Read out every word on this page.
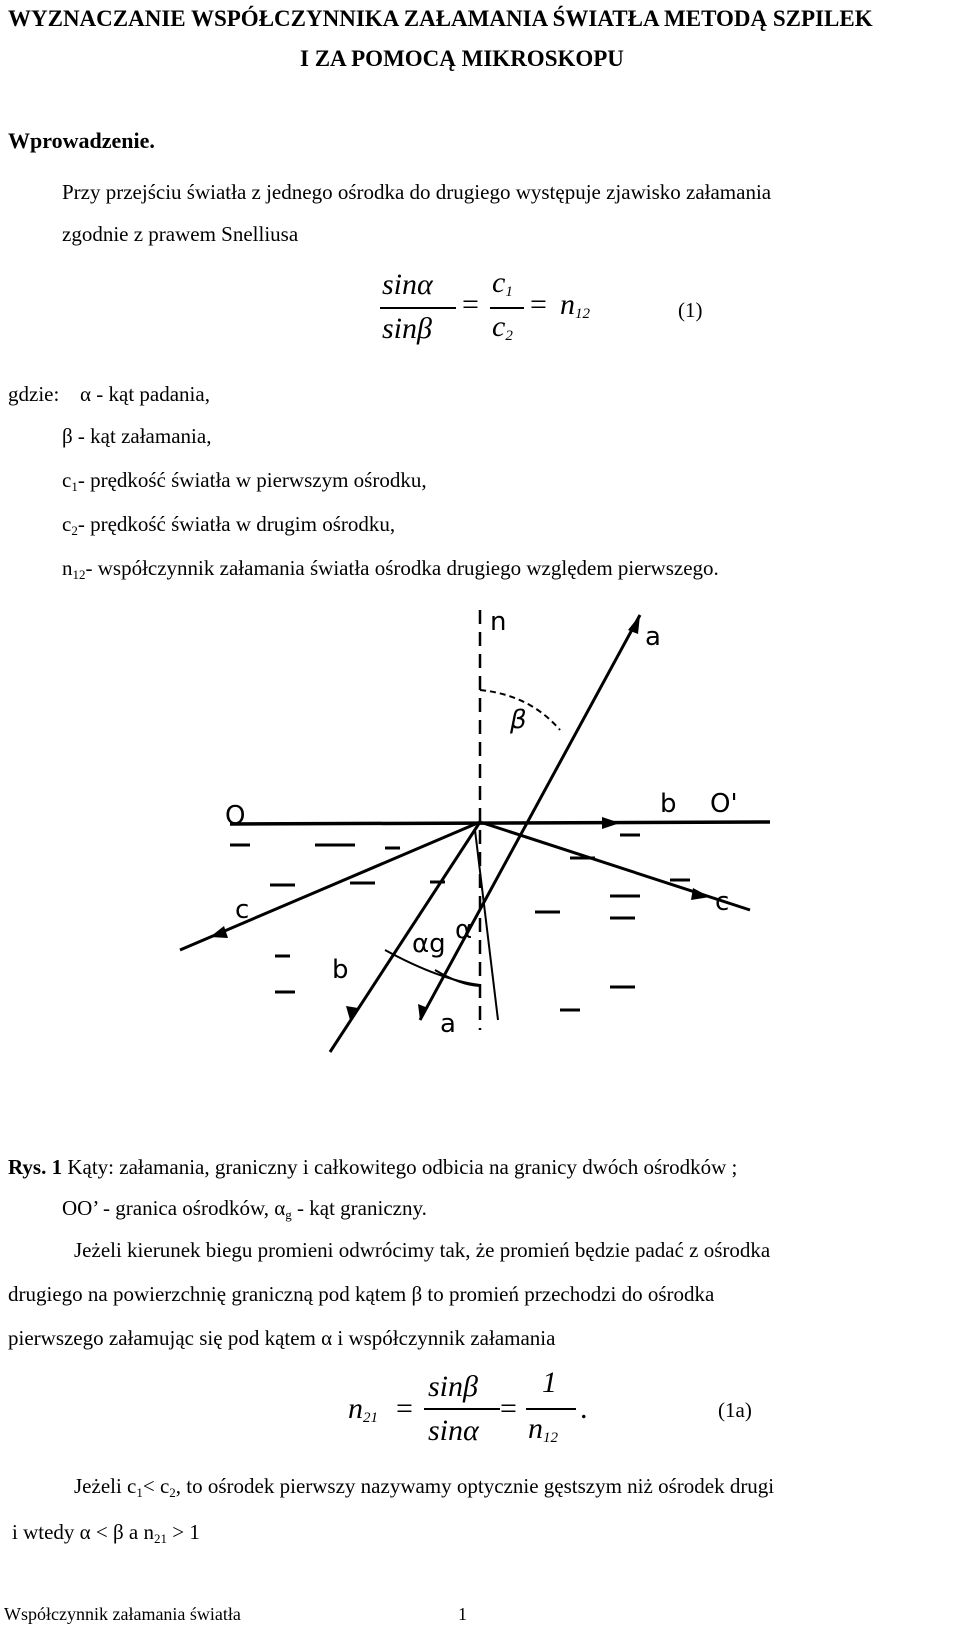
WYZNACZANIE WSPÓŁCZYNNIKA ZAŁAMANIA ŚWIATŁA METODĄ SZPILEK
I ZA POMOCĄ MIKROSKOPU
Wprowadzenie.
Przy przejściu światła z jednego ośrodka do drugiego występuje zjawisko załamania
zgodnie z prawem Snelliusa
sinα
sinβ
=
$c_1$
$c_2$
= $n_{12}$	(1)
gdzie: α - kąt padania,
β - kąt załamania,
$c_1-$ prędkość światła w pierwszym ośrodku,
$c_2-$ prędkość światła w drugim ośrodku,
$n_{12}-$ współczynnik załamania światła ośrodka drugiego względem pierwszego.
n	a
β
O	b O'
c	c
αg α
b
a
Rys. 1 Kąty: załamania, graniczny i całkowitego odbicia na granicy dwóch ośrodków ;
OO’ - granica ośrodków, $\alpha_g$ - kąt graniczny.
Jeżeli kierunek biegu promieni odwrócimy tak, że promień będzie padać z ośrodka
drugiego na powierzchnię graniczną pod kątem β to promień przechodzi do ośrodka
pierwszego załamując się pod kątem α i współczynnik załamania
$n_{21}$ =
sinβ
sinα
=
1
$n_{12}$
.	(1a)
Jeżeli $c_1< c_2$, to ośrodek pierwszy nazywamy optycznie gęstszym niż ośrodek drugi
i wtedy α < β a $n_{21} > 1$
Współczynnik załamania światła	1
